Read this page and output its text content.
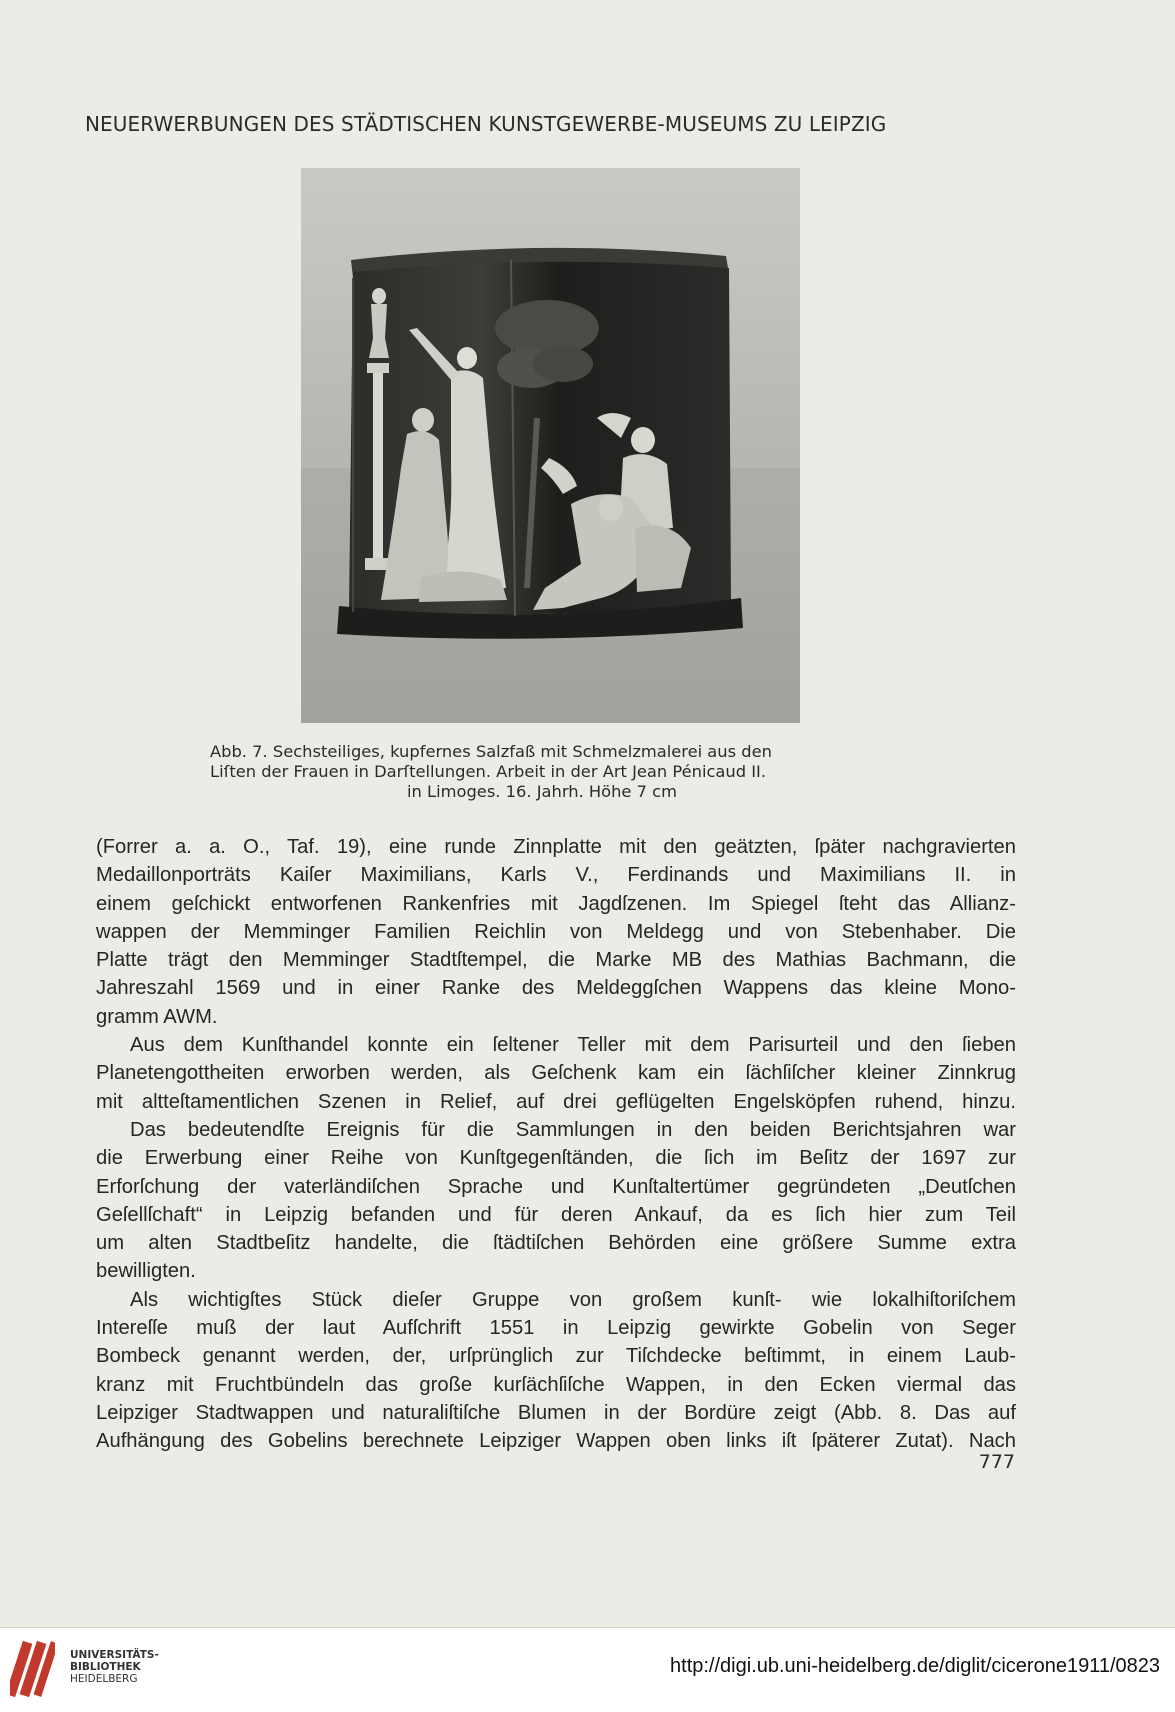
NEUERWERBUNGEN DES STÄDTISCHEN KUNSTGEWERBE-MUSEUMS ZU LEIPZIG
Abb. 7. Sechsteiliges, kupfernes Salzfaß mit Schmelzmalerei aus den
Liſten der Frauen in Darſtellungen. Arbeit in der Art Jean Pénicaud II.
in Limoges. 16. Jahrh. Höhe 7 cm
(Forrer a. a. O., Taf. 19), eine runde Zinnplatte mit den geätzten, ſpäter nachgravierten
Medaillonporträts Kaiſer Maximilians, Karls V., Ferdinands und Maximilians II. in
einem geſchickt entworfenen Rankenfries mit Jagdſzenen. Im Spiegel ſteht das Allianz-
wappen der Memminger Familien Reichlin von Meldegg und von Stebenhaber. Die
Platte trägt den Memminger Stadtſtempel, die Marke MB des Mathias Bachmann, die
Jahreszahl 1569 und in einer Ranke des Meldeggſchen Wappens das kleine Mono-
gramm AWM.
Aus dem Kunſthandel konnte ein ſeltener Teller mit dem Parisurteil und den ſieben
Planetengottheiten erworben werden, als Geſchenk kam ein ſächſiſcher kleiner Zinnkrug
mit altteſtamentlichen Szenen in Relief, auf drei geflügelten Engelsköpfen ruhend, hinzu.
Das bedeutendſte Ereignis für die Sammlungen in den beiden Berichtsjahren war
die Erwerbung einer Reihe von Kunſtgegenſtänden, die ſich im Beſitz der 1697 zur
Erforſchung der vaterländiſchen Sprache und Kunſtaltertümer gegründeten „Deutſchen
Geſellſchaft“ in Leipzig befanden und für deren Ankauf, da es ſich hier zum Teil
um alten Stadtbeſitz handelte, die ſtädtiſchen Behörden eine größere Summe extra
bewilligten.
Als wichtigſtes Stück dieſer Gruppe von großem kunſt- wie lokalhiſtoriſchem
Intereſſe muß der laut Aufſchrift 1551 in Leipzig gewirkte Gobelin von Seger
Bombeck genannt werden, der, urſprünglich zur Tiſchdecke beſtimmt, in einem Laub-
kranz mit Fruchtbündeln das große kurſächſiſche Wappen, in den Ecken viermal das
Leipziger Stadtwappen und naturaliſtiſche Blumen in der Bordüre zeigt (Abb. 8. Das auf
Aufhängung des Gobelins berechnete Leipziger Wappen oben links iſt ſpäterer Zutat). Nach
777
UNIVERSITÄTS-
BIBLIOTHEK
HEIDELBERG
http://digi.ub.uni-heidelberg.de/diglit/cicerone1911/0823
